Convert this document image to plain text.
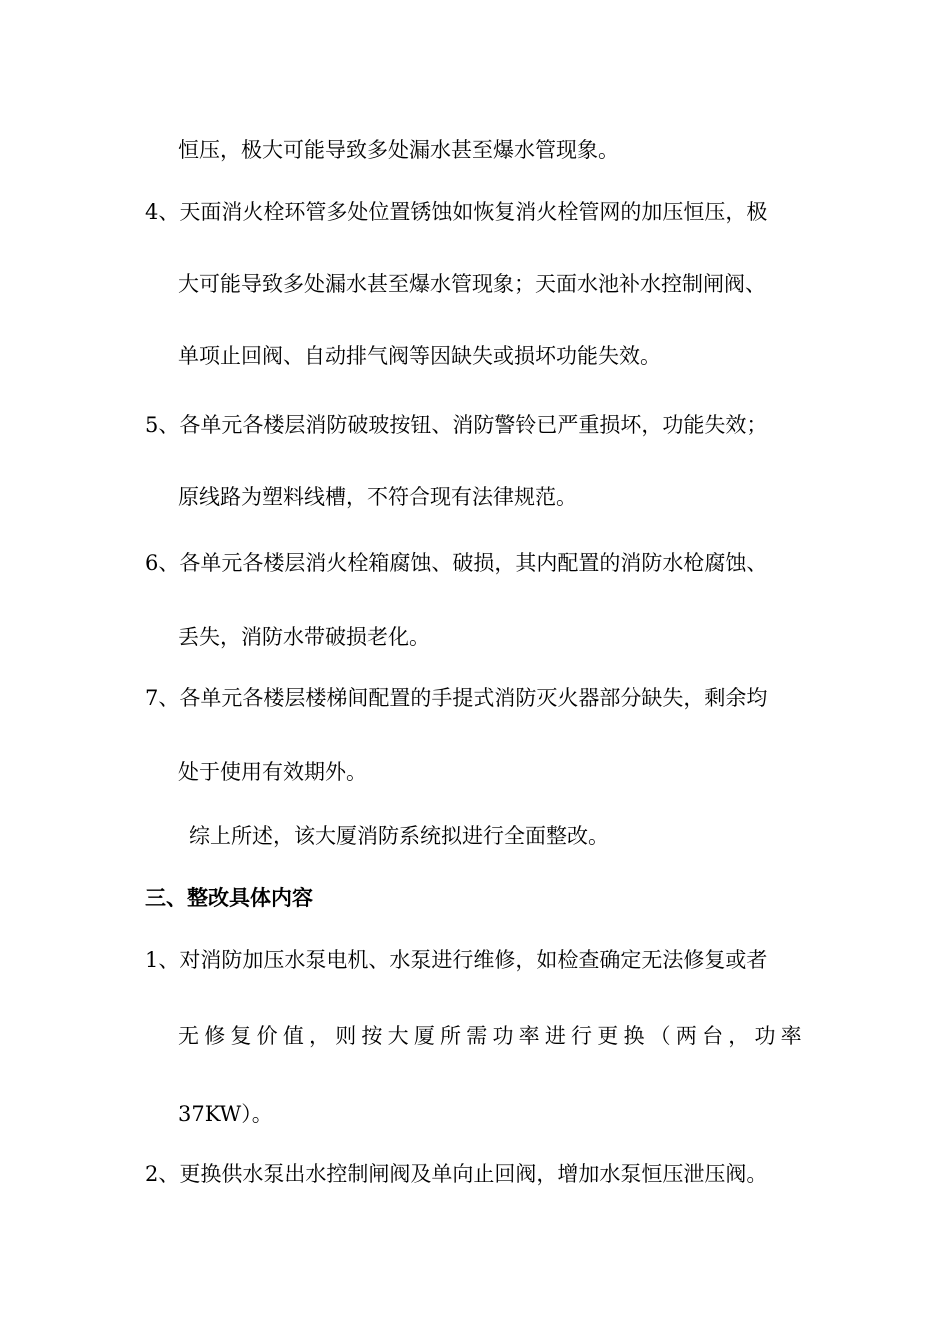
恒压，极大可能导致多处漏水甚至爆水管现象。
4、天面消火栓环管多处位置锈蚀如恢复消火栓管网的加压恒压，极
大可能导致多处漏水甚至爆水管现象；天面水池补水控制闸阀、
单项止回阀、自动排气阀等因缺失或损坏功能失效。
5、各单元各楼层消防破玻按钮、消防警铃已严重损坏，功能失效；
原线路为塑料线槽，不符合现有法律规范。
6、各单元各楼层消火栓箱腐蚀、破损，其内配置的消防水枪腐蚀、
丢失，消防水带破损老化。
7、各单元各楼层楼梯间配置的手提式消防灭火器部分缺失，剩余均
处于使用有效期外。
综上所述，该大厦消防系统拟进行全面整改。
三、整改具体内容
1、对消防加压水泵电机、水泵进行维修，如检查确定无法修复或者
无 修 复 价 值 ， 则 按 大 厦 所 需 功 率 进 行 更 换 （ 两 台 ， 功 率
37KW）。
2、更换供水泵出水控制闸阀及单向止回阀，增加水泵恒压泄压阀。
